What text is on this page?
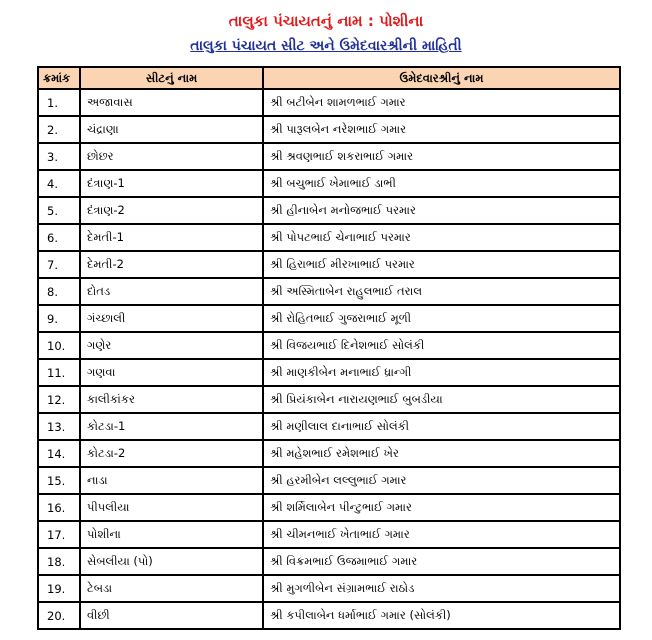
તાલુકા પંચાયતનું નામ : પોશીના
તાલુકા પંચાયત સીટ અને ઉમેદવારશ્રીની માહિતી
ક્રમાંક	સીટનું નામ	ઉમેદવારશ્રીનું નામ
1.	અજાવાસ	શ્રી બટીબેન શામળભાઈ ગમાર
2.	ચંદ્રાણા	શ્રી પારૂલબેન નરેશભાઈ ગમાર
3.	છોછર	શ્રી શ્રવણભાઈ શકરાભાઈ ગમાર
4.	દંત્રાણ-1	શ્રી બચુભાઈ ખેમાભાઈ ડાભી
5.	દંત્રાણ-2	શ્રી હીનાબેન મનોજભાઈ પરમાર
6.	દેમતી-1	શ્રી પોપટભાઈ ચેનાભાઈ પરમાર
7.	દેમતી-2	શ્રી હિરાભાઈ મીરખાભાઈ પરમાર
8.	દોતડ	શ્રી અસ્મિતાબેન રાહુલભાઈ તરાલ
9.	ગંચ્છાલી	શ્રી રોહિતભાઈ ગુજરાભાઈ મૂળી
10.	ગણેર	શ્રી વિજયભાઈ દિનેશભાઈ સોલંકી
11.	ગણવા	શ્રી માણકીબેન મનાભાઈ ધ્રાન્ગી
12.	કાલીકાંકર	શ્રી પ્રિયંકાબેન નારાયણભાઈ બુબડીયા
13.	કોટડા-1	શ્રી મણીલાલ દાનાભાઈ સોલંકી
14.	કોટડા-2	શ્રી મહેશભાઈ રમેશભાઈ ખેર
15.	નાડા	શ્રી હરમીબેન લલ્લુભાઈ ગમાર
16.	પીપલીયા	શ્રી શર્મિલાબેન પીન્ટુભાઈ ગમાર
17.	પોશીના	શ્રી ચીમનભાઈ ખેતાભાઈ ગમાર
18.	સેબલીયા (પો)	શ્રી વિક્રમભાઈ ઉજમાભાઈ ગમાર
19.	ટેબડા	શ્રી મુગળીબેન સંગ્રામભાઈ રાઠોડ
20.	વીછી	શ્રી કપીલાબેન ધર્માભાઈ ગમાર (સોલંકી)
